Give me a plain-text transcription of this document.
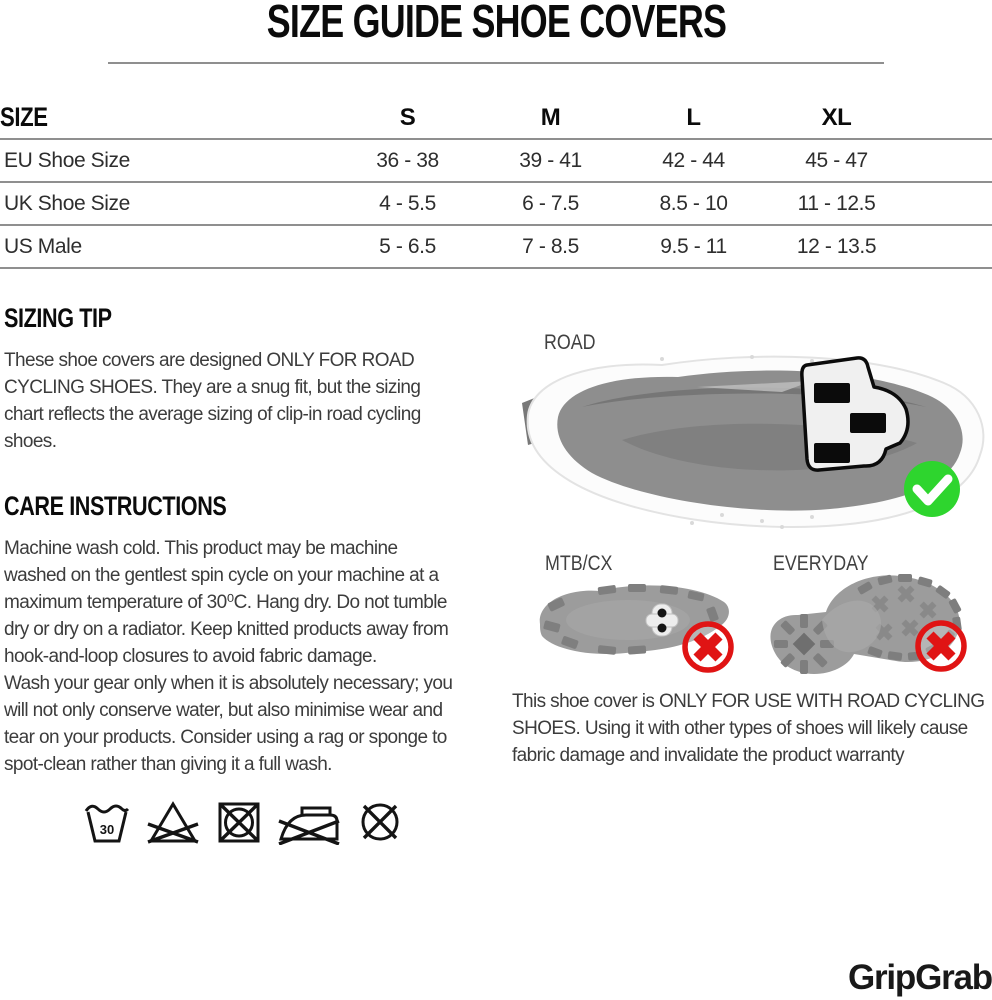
SIZE GUIDE SHOE COVERS
SIZE	S	M	L	XL	
EU Shoe Size	36 - 38	39 - 41	42 - 44	45 - 47	
UK Shoe Size	4 - 5.5	6 - 7.5	8.5 - 10	11 - 12.5	
US Male	5 - 6.5	7 - 8.5	9.5 - 11	12 - 13.5	
SIZING TIP

These shoe covers are designed ONLY FOR ROAD CYCLING SHOES. They are a snug fit, but the sizing chart reflects the average sizing of clip-in road cycling shoes.

CARE INSTRUCTIONS

Machine wash cold. This product may be machine washed on the gentlest spin cycle on your machine at a maximum temperature of 30⁰C. Hang dry. Do not tumble dry or dry on a radiator. Keep knitted products away from hook-and-loop closures to avoid fabric damage.

Wash your gear only when it is absolutely necessary; you will not only conserve water, but also minimise wear and tear on your products. Consider using a rag or sponge to spot-clean rather than giving it a full wash.

30

ROAD

MTB/CX	EVERYDAY

This shoe cover is ONLY FOR USE WITH ROAD CYCLING SHOES. Using it with other types of shoes will likely cause fabric damage and invalidate the product warranty

GripGrab
